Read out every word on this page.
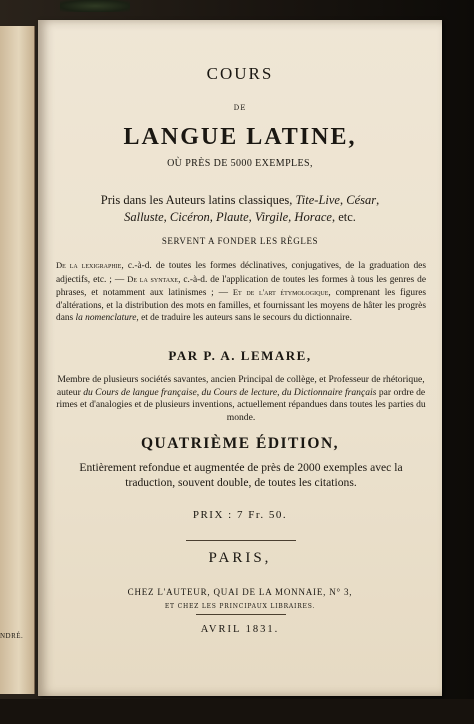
NDRÉ.
COURS
DE
LANGUE LATINE,
OÙ PRÈS DE 5000 EXEMPLES,
Pris dans les Auteurs latins classiques, Tite-Live, César,
Salluste, Cicéron, Plaute, Virgile, Horace, etc.
SERVENT A FONDER LES RÈGLES
De la lexigraphie, c.-à-d. de toutes les formes déclinatives, conjugatives, de la graduation des adjectifs, etc. ; — De la syntaxe, c.-à-d. de l'application de toutes les formes à tous les genres de phrases, et notamment aux latinismes ; — Et de l'art étymologique, comprenant les figures d'altérations, et la distribution des mots en familles, et fournissant les moyens de hâter les progrès dans la nomenclature, et de traduire les auteurs sans le secours du dictionnaire.
PAR P. A. LEMARE,
Membre de plusieurs sociétés savantes, ancien Principal de collège, et Professeur de rhétorique, auteur du Cours de langue française, du Cours de lecture, du Dictionnaire français par ordre de rimes et d'analogies et de plusieurs inventions, actuellement répandues dans toutes les parties du monde.
QUATRIÈME ÉDITION,
Entièrement refondue et augmentée de près de 2000 exemples avec la traduction, souvent double, de toutes les citations.
PRIX : 7 Fr. 50.
PARIS,
CHEZ L'AUTEUR, QUAI DE LA MONNAIE, N° 3,
ET CHEZ LES PRINCIPAUX LIBRAIRES.
AVRIL 1831.
